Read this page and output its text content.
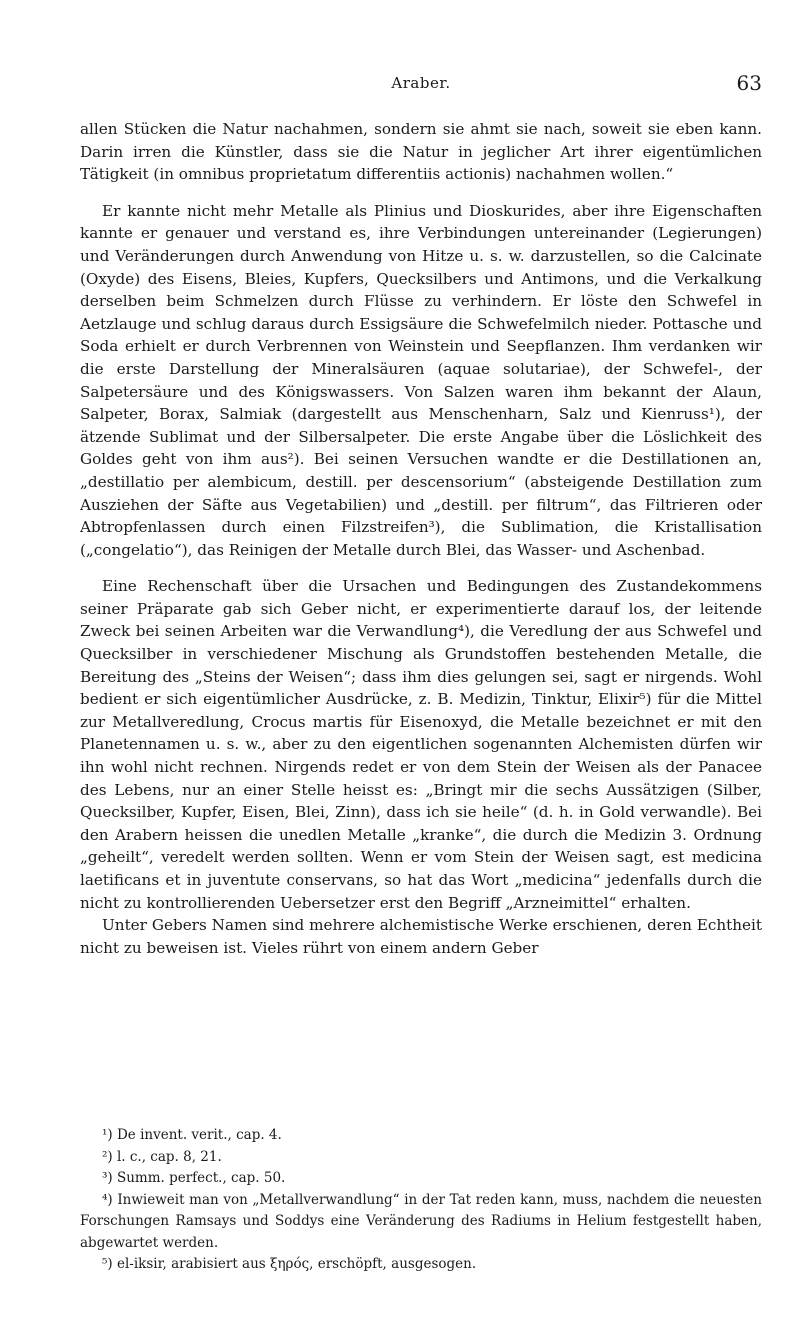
Araber.	63

allen Stücken die Natur nachahmen, sondern sie ahmt sie nach, soweit sie eben kann. Darin irren die Künstler, dass sie die Natur in jeglicher Art ihrer eigentümlichen Tätigkeit (in omnibus proprietatum differentiis actionis) nachahmen wollen.“

Er kannte nicht mehr Metalle als Plinius und Dioskurides, aber ihre Eigenschaften kannte er genauer und verstand es, ihre Verbindungen untereinander (Legierungen) und Veränderungen durch Anwendung von Hitze u. s. w. darzustellen, so die Calcinate (Oxyde) des Eisens, Bleies, Kupfers, Quecksilbers und Antimons, und die Verkalkung derselben beim Schmelzen durch Flüsse zu verhindern. Er löste den Schwefel in Aetzlauge und schlug daraus durch Essigsäure die Schwefelmilch nieder. Pottasche und Soda erhielt er durch Verbrennen von Weinstein und Seepflanzen. Ihm verdanken wir die erste Darstellung der Mineralsäuren (aquae solutariae), der Schwefel-, der Salpetersäure und des Königswassers. Von Salzen waren ihm bekannt der Alaun, Salpeter, Borax, Salmiak (dargestellt aus Menschenharn, Salz und Kienruss¹), der ätzende Sublimat und der Silbersalpeter. Die erste Angabe über die Löslichkeit des Goldes geht von ihm aus²). Bei seinen Versuchen wandte er die Destillationen an, „destillatio per alembicum, destill. per descensorium“ (absteigende Destillation zum Ausziehen der Säfte aus Vegetabilien) und „destill. per filtrum“, das Filtrieren oder Abtropfenlassen durch einen Filzstreifen³), die Sublimation, die Kristallisation („congelatio“), das Reinigen der Metalle durch Blei, das Wasser- und Aschenbad.

Eine Rechenschaft über die Ursachen und Bedingungen des Zustandekommens seiner Präparate gab sich Geber nicht, er experimentierte darauf los, der leitende Zweck bei seinen Arbeiten war die Verwandlung⁴), die Veredlung der aus Schwefel und Quecksilber in verschiedener Mischung als Grundstoffen bestehenden Metalle, die Bereitung des „Steins der Weisen“; dass ihm dies gelungen sei, sagt er nirgends. Wohl bedient er sich eigentümlicher Ausdrücke, z. B. Medizin, Tinktur, Elixir⁵) für die Mittel zur Metallveredlung, Crocus martis für Eisenoxyd, die Metalle bezeichnet er mit den Planetennamen u. s. w., aber zu den eigentlichen sogenannten Alchemisten dürfen wir ihn wohl nicht rechnen. Nirgends redet er von dem Stein der Weisen als der Panacee des Lebens, nur an einer Stelle heisst es: „Bringt mir die sechs Aussätzigen (Silber, Quecksilber, Kupfer, Eisen, Blei, Zinn), dass ich sie heile“ (d. h. in Gold verwandle). Bei den Arabern heissen die unedlen Metalle „kranke“, die durch die Medizin 3. Ordnung „geheilt“, veredelt werden sollten. Wenn er vom Stein der Weisen sagt, est medicina laetificans et in juventute conservans, so hat das Wort „medicina“ jedenfalls durch die nicht zu kontrollierenden Uebersetzer erst den Begriff „Arzneimittel“ erhalten.

Unter Gebers Namen sind mehrere alchemistische Werke erschienen, deren Echtheit nicht zu beweisen ist. Vieles rührt von einem andern Geber

¹) De invent. verit., cap. 4.

²) l. c., cap. 8, 21.

³) Summ. perfect., cap. 50.

⁴) Inwieweit man von „Metallverwandlung“ in der Tat reden kann, muss, nachdem die neuesten Forschungen Ramsays und Soddys eine Veränderung des Radiums in Helium festgestellt haben, abgewartet werden.

⁵) el-iksir, arabisiert aus ξηρός, erschöpft, ausgesogen.
